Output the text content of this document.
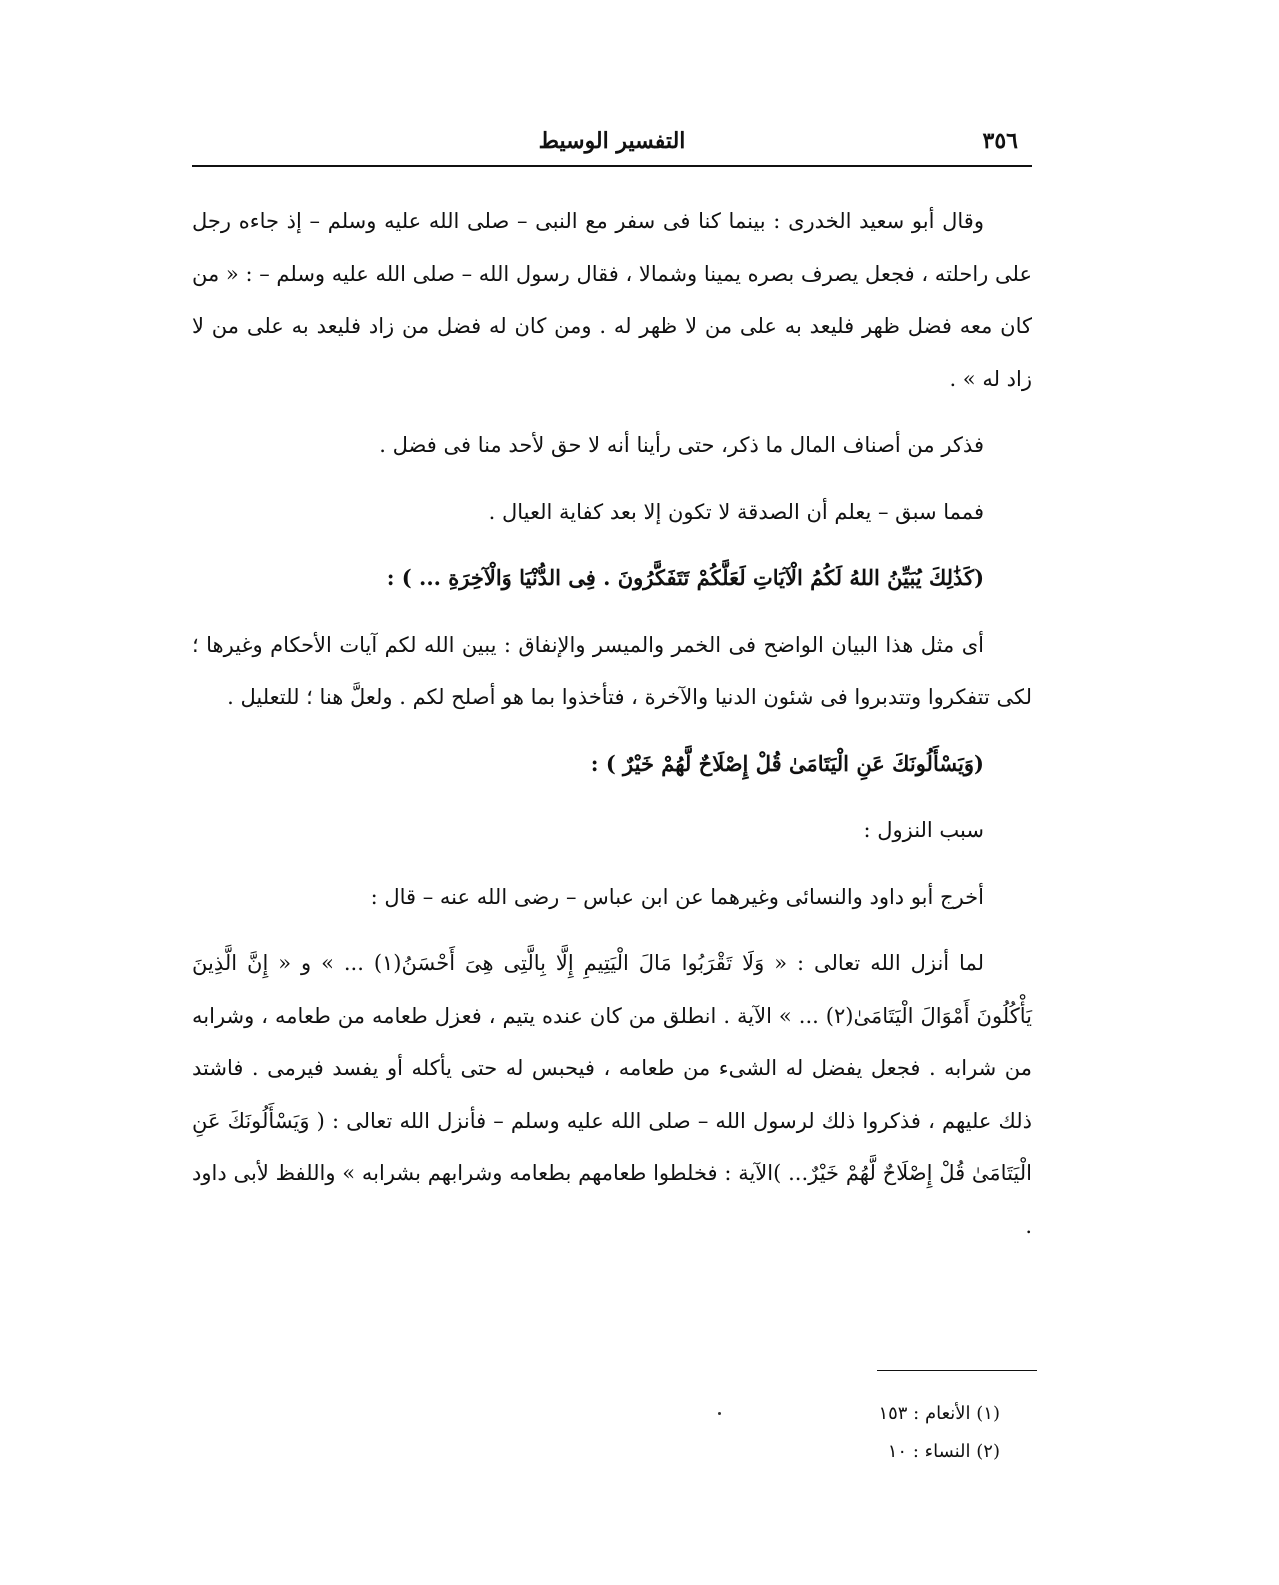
٣٥٦
التفسير الوسيط

وقال أبو سعيد الخدرى : بينما كنا فى سفر مع النبى – صلى الله عليه وسلم – إذ جاءه رجل على راحلته ، فجعل يصرف بصره يمينا وشمالا ، فقال رسول الله – صلى الله عليه وسلم – : « من كان معه فضل ظهر فليعد به على من لا ظهر له . ومن كان له فضل من زاد فليعد به على من لا زاد له » .

فذكر من أصناف المال ما ذكر، حتى رأينا أنه لا حق لأحد منا فى فضل .

فمما سبق – يعلم أن الصدقة لا تكون إلا بعد كفاية العيال .

(كَذَٰلِكَ يُبَيِّنُ اللهُ لَكُمُ الْآيَاتِ لَعَلَّكُمْ تَتَفَكَّرُونَ . فِى الدُّنْيَا وَالْآخِرَةِ ... ) :

أى مثل هذا البيان الواضح فى الخمر والميسر والإنفاق : يبين الله لكم آيات الأحكام وغيرها ؛ لكى تتفكروا وتتدبروا فى شئون الدنيا والآخرة ، فتأخذوا بما هو أصلح لكم . ولعلَّ هنا ؛ للتعليل .

(وَيَسْأَلُونَكَ عَنِ الْيَتَامَىٰ قُلْ إِصْلَاحٌ لَّهُمْ خَيْرٌ ) :

سبب النزول :

أخرج أبو داود والنسائى وغيرهما عن ابن عباس – رضى الله عنه – قال :

لما أنزل الله تعالى : « وَلَا تَقْرَبُوا مَالَ الْيَتِيمِ إِلَّا بِالَّتِى هِىَ أَحْسَنُ(١) ... » و « إِنَّ الَّذِينَ يَأْكُلُونَ أَمْوَالَ الْيَتَامَىٰ(٢) ... » الآية . انطلق من كان عنده يتيم ، فعزل طعامه من طعامه ، وشرابه من شرابه . فجعل يفضل له الشىء من طعامه ، فيحبس له حتى يأكله أو يفسد فيرمى . فاشتد ذلك عليهم ، فذكروا ذلك لرسول الله – صلى الله عليه وسلم – فأنزل الله تعالى : ( وَيَسْأَلُونَكَ عَنِ الْيَتَامَىٰ قُلْ إِصْلَاحٌ لَّهُمْ خَيْرٌ... )الآية : فخلطوا طعامهم بطعامه وشرابهم بشرابه » واللفظ لأبى داود .

(١) الأنعام : ١٥٣
(٢) النساء : ١٠
